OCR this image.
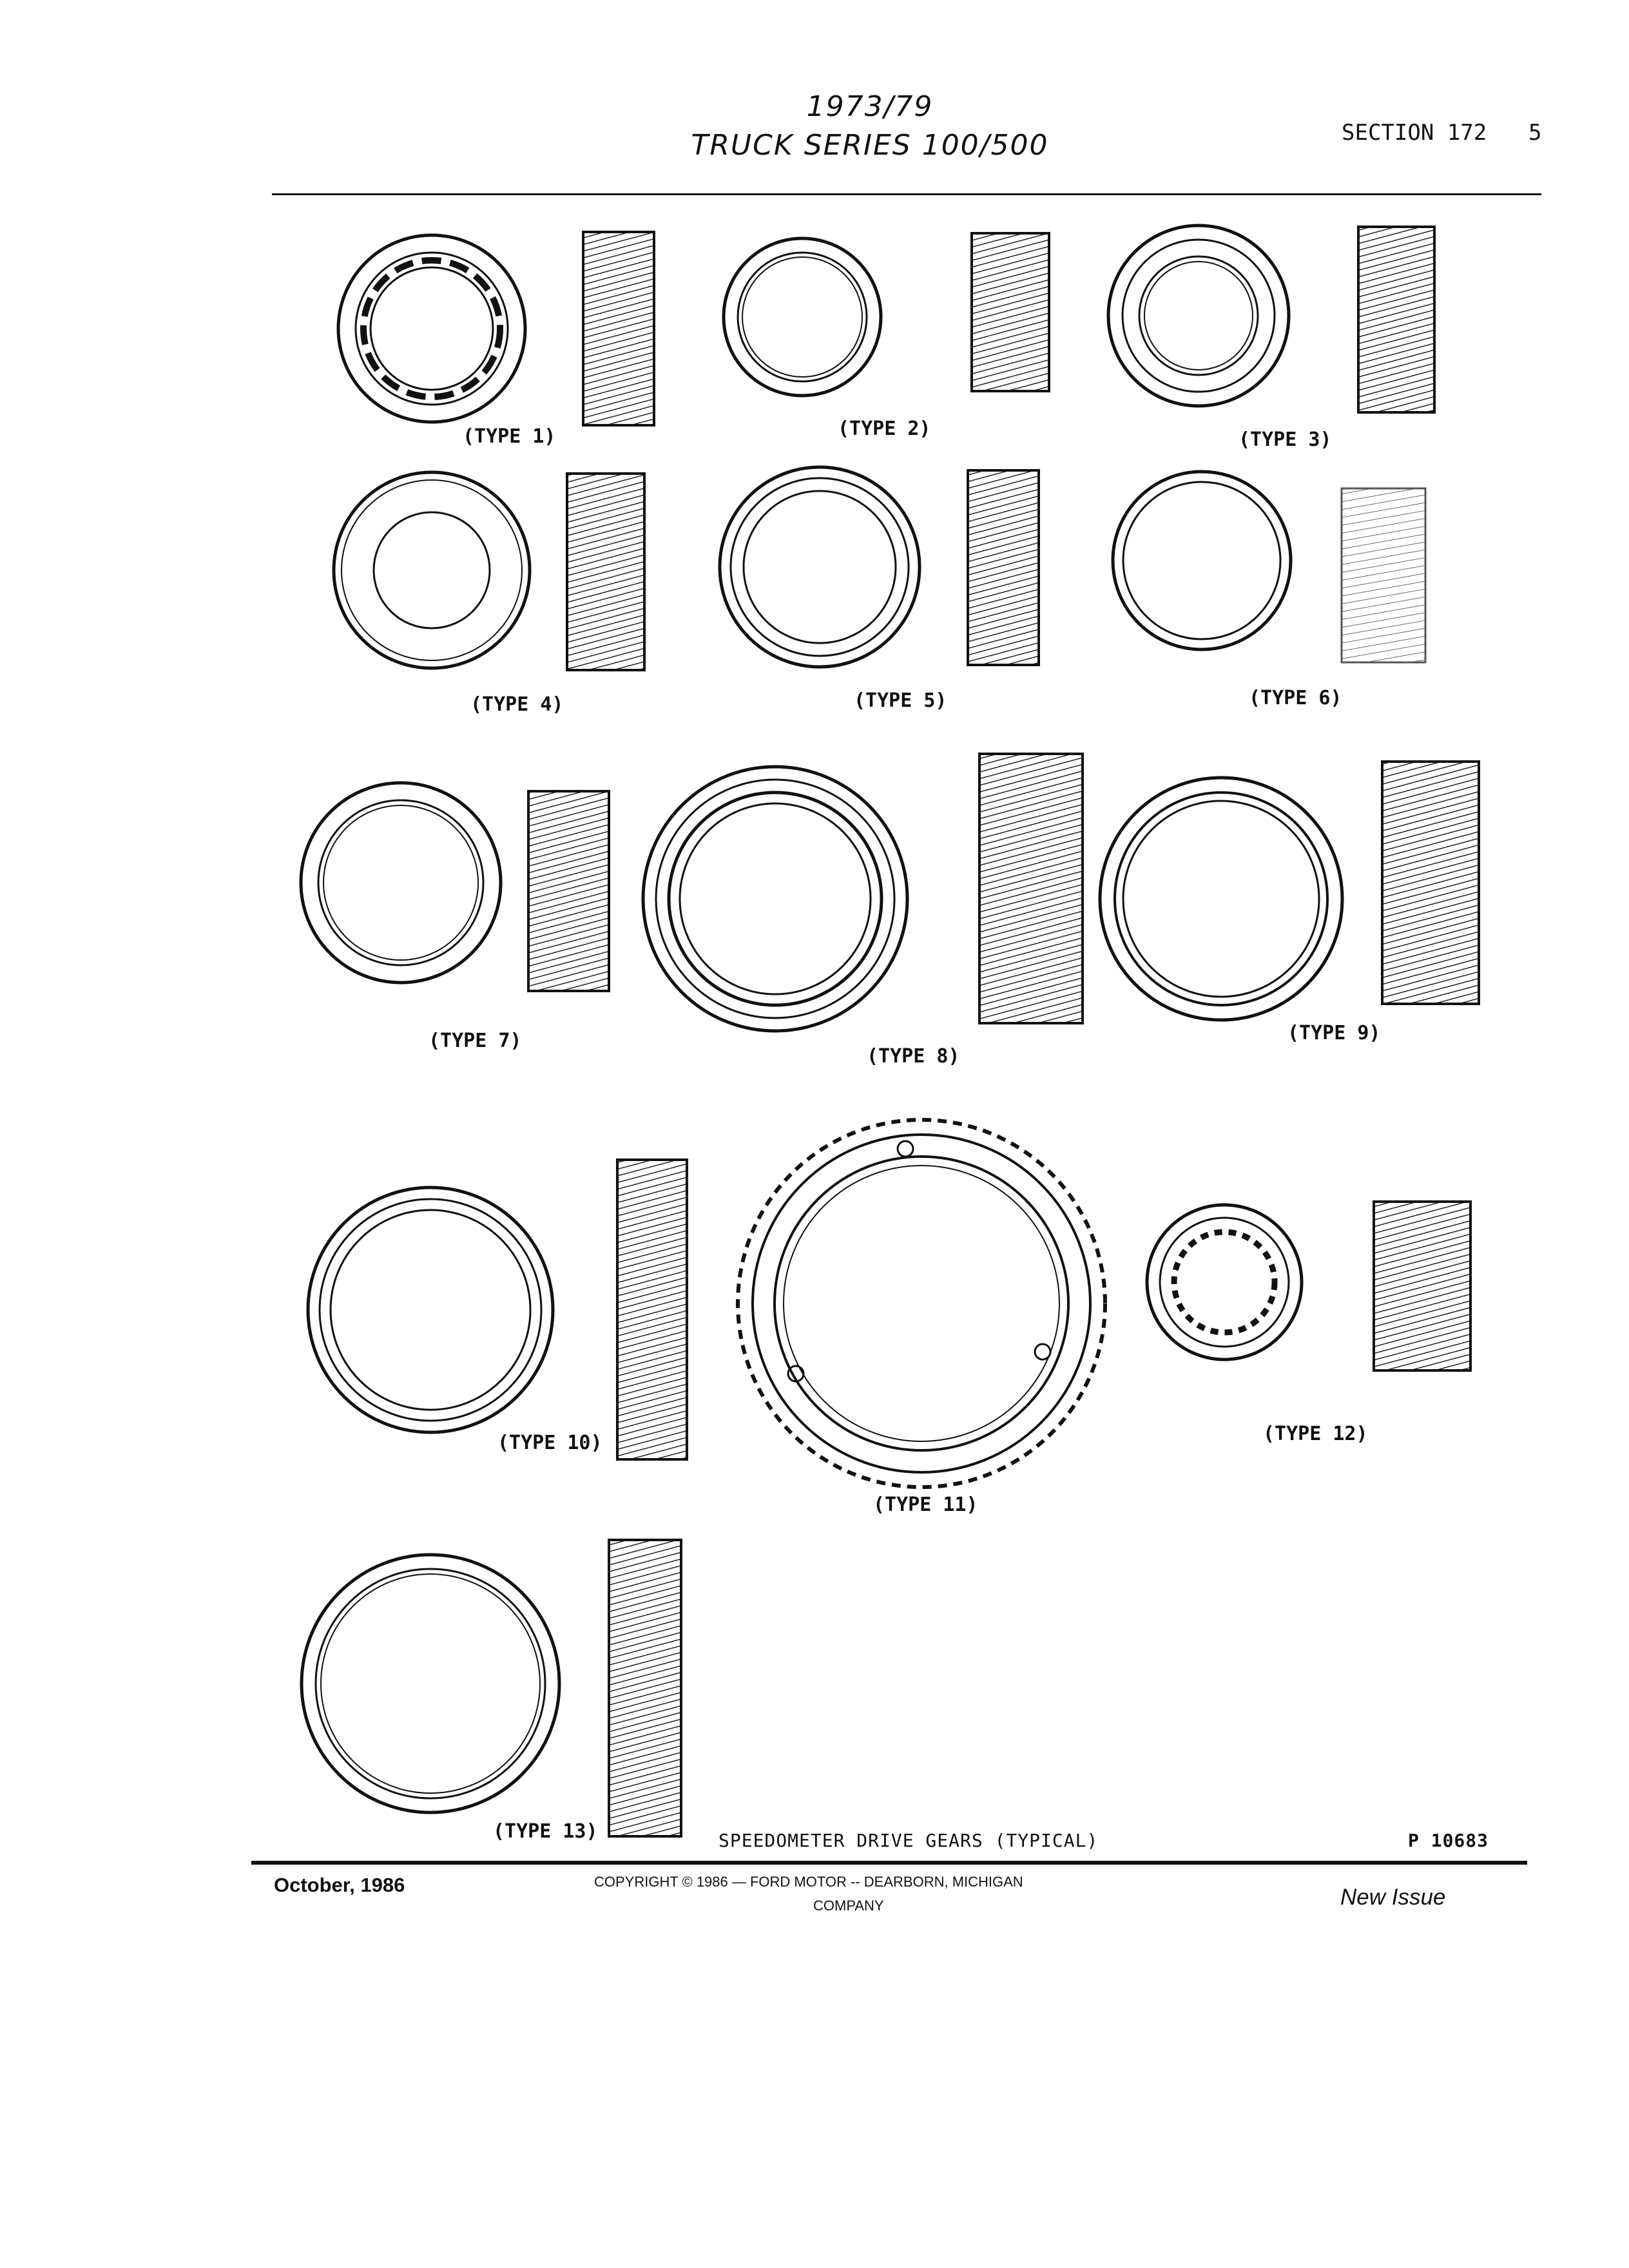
1973/79
TRUCK SERIES 100/500	SECTION 172 5
(TYPE 1)	(TYPE 2)	(TYPE 3)
(TYPE 4)	(TYPE 5)	(TYPE 6)
(TYPE 7)
(TYPE 8)
(TYPE 9)
(TYPE 10)
(TYPE 11)
(TYPE 12)
(TYPE 13)	SPEEDOMETER DRIVE GEARS (TYPICAL)	P 10683
October, 1986	COPYRIGHT © 1986 — FORD MOTOR -- DEARBORN, MICHIGAN
COMPANY	New Issue
